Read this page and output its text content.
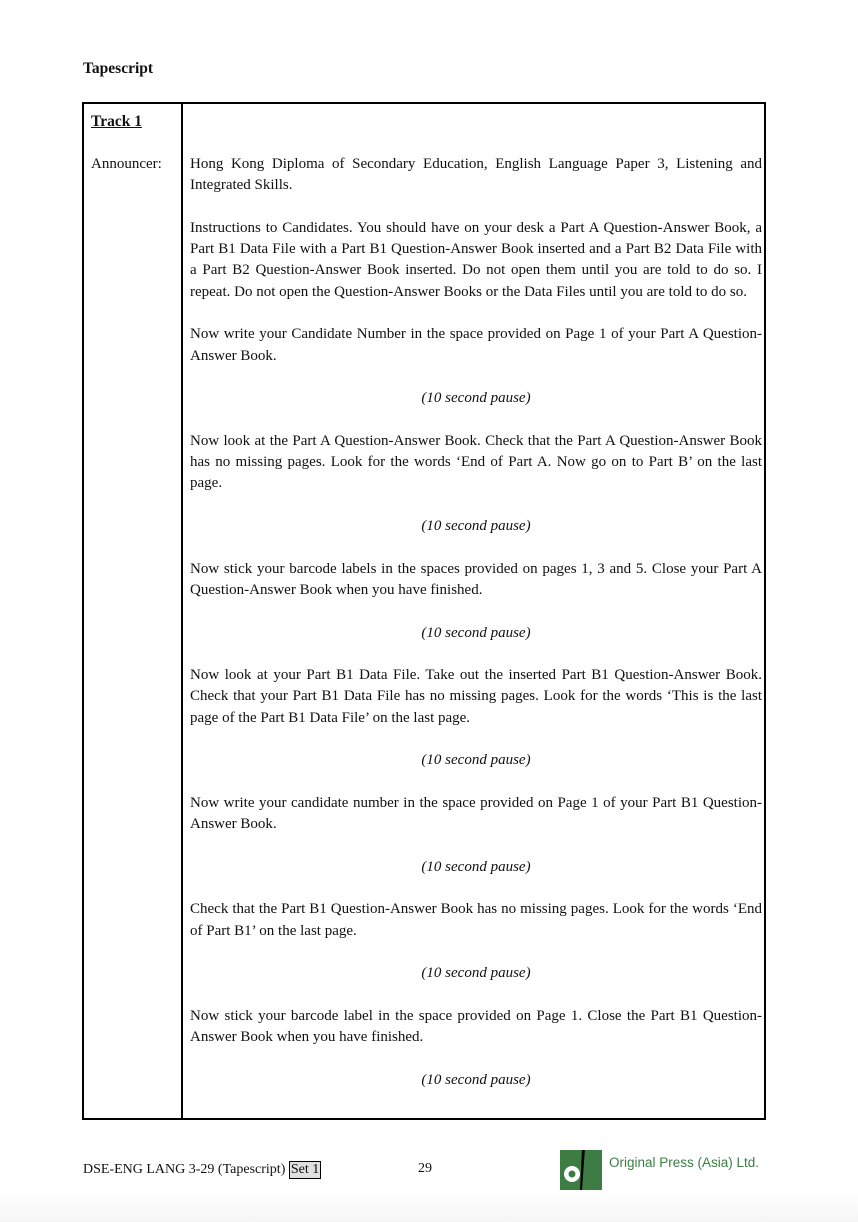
Tapescript
Track 1
Announcer: Hong Kong Diploma of Secondary Education, English Language Paper 3, Listening and Integrated Skills.

Instructions to Candidates. You should have on your desk a Part A Question-Answer Book, a Part B1 Data File with a Part B1 Question-Answer Book inserted and a Part B2 Data File with a Part B2 Question-Answer Book inserted. Do not open them until you are told to do so. I repeat. Do not open the Question-Answer Books or the Data Files until you are told to do so.

Now write your Candidate Number in the space provided on Page 1 of your Part A Question-Answer Book.

(10 second pause)

Now look at the Part A Question-Answer Book. Check that the Part A Question-Answer Book has no missing pages. Look for the words ‘End of Part A. Now go on to Part B’ on the last page.

(10 second pause)

Now stick your barcode labels in the spaces provided on pages 1, 3 and 5. Close your Part A Question-Answer Book when you have finished.

(10 second pause)

Now look at your Part B1 Data File. Take out the inserted Part B1 Question-Answer Book. Check that your Part B1 Data File has no missing pages. Look for the words ‘This is the last page of the Part B1 Data File’ on the last page.

(10 second pause)

Now write your candidate number in the space provided on Page 1 of your Part B1 Question-Answer Book.

(10 second pause)

Check that the Part B1 Question-Answer Book has no missing pages. Look for the words ‘End of Part B1’ on the last page.

(10 second pause)

Now stick your barcode label in the space provided on Page 1. Close the Part B1 Question-Answer Book when you have finished.

(10 second pause)

DSE-ENG LANG 3-29 (Tapescript) Set 1	29	Original Press (Asia) Ltd.
